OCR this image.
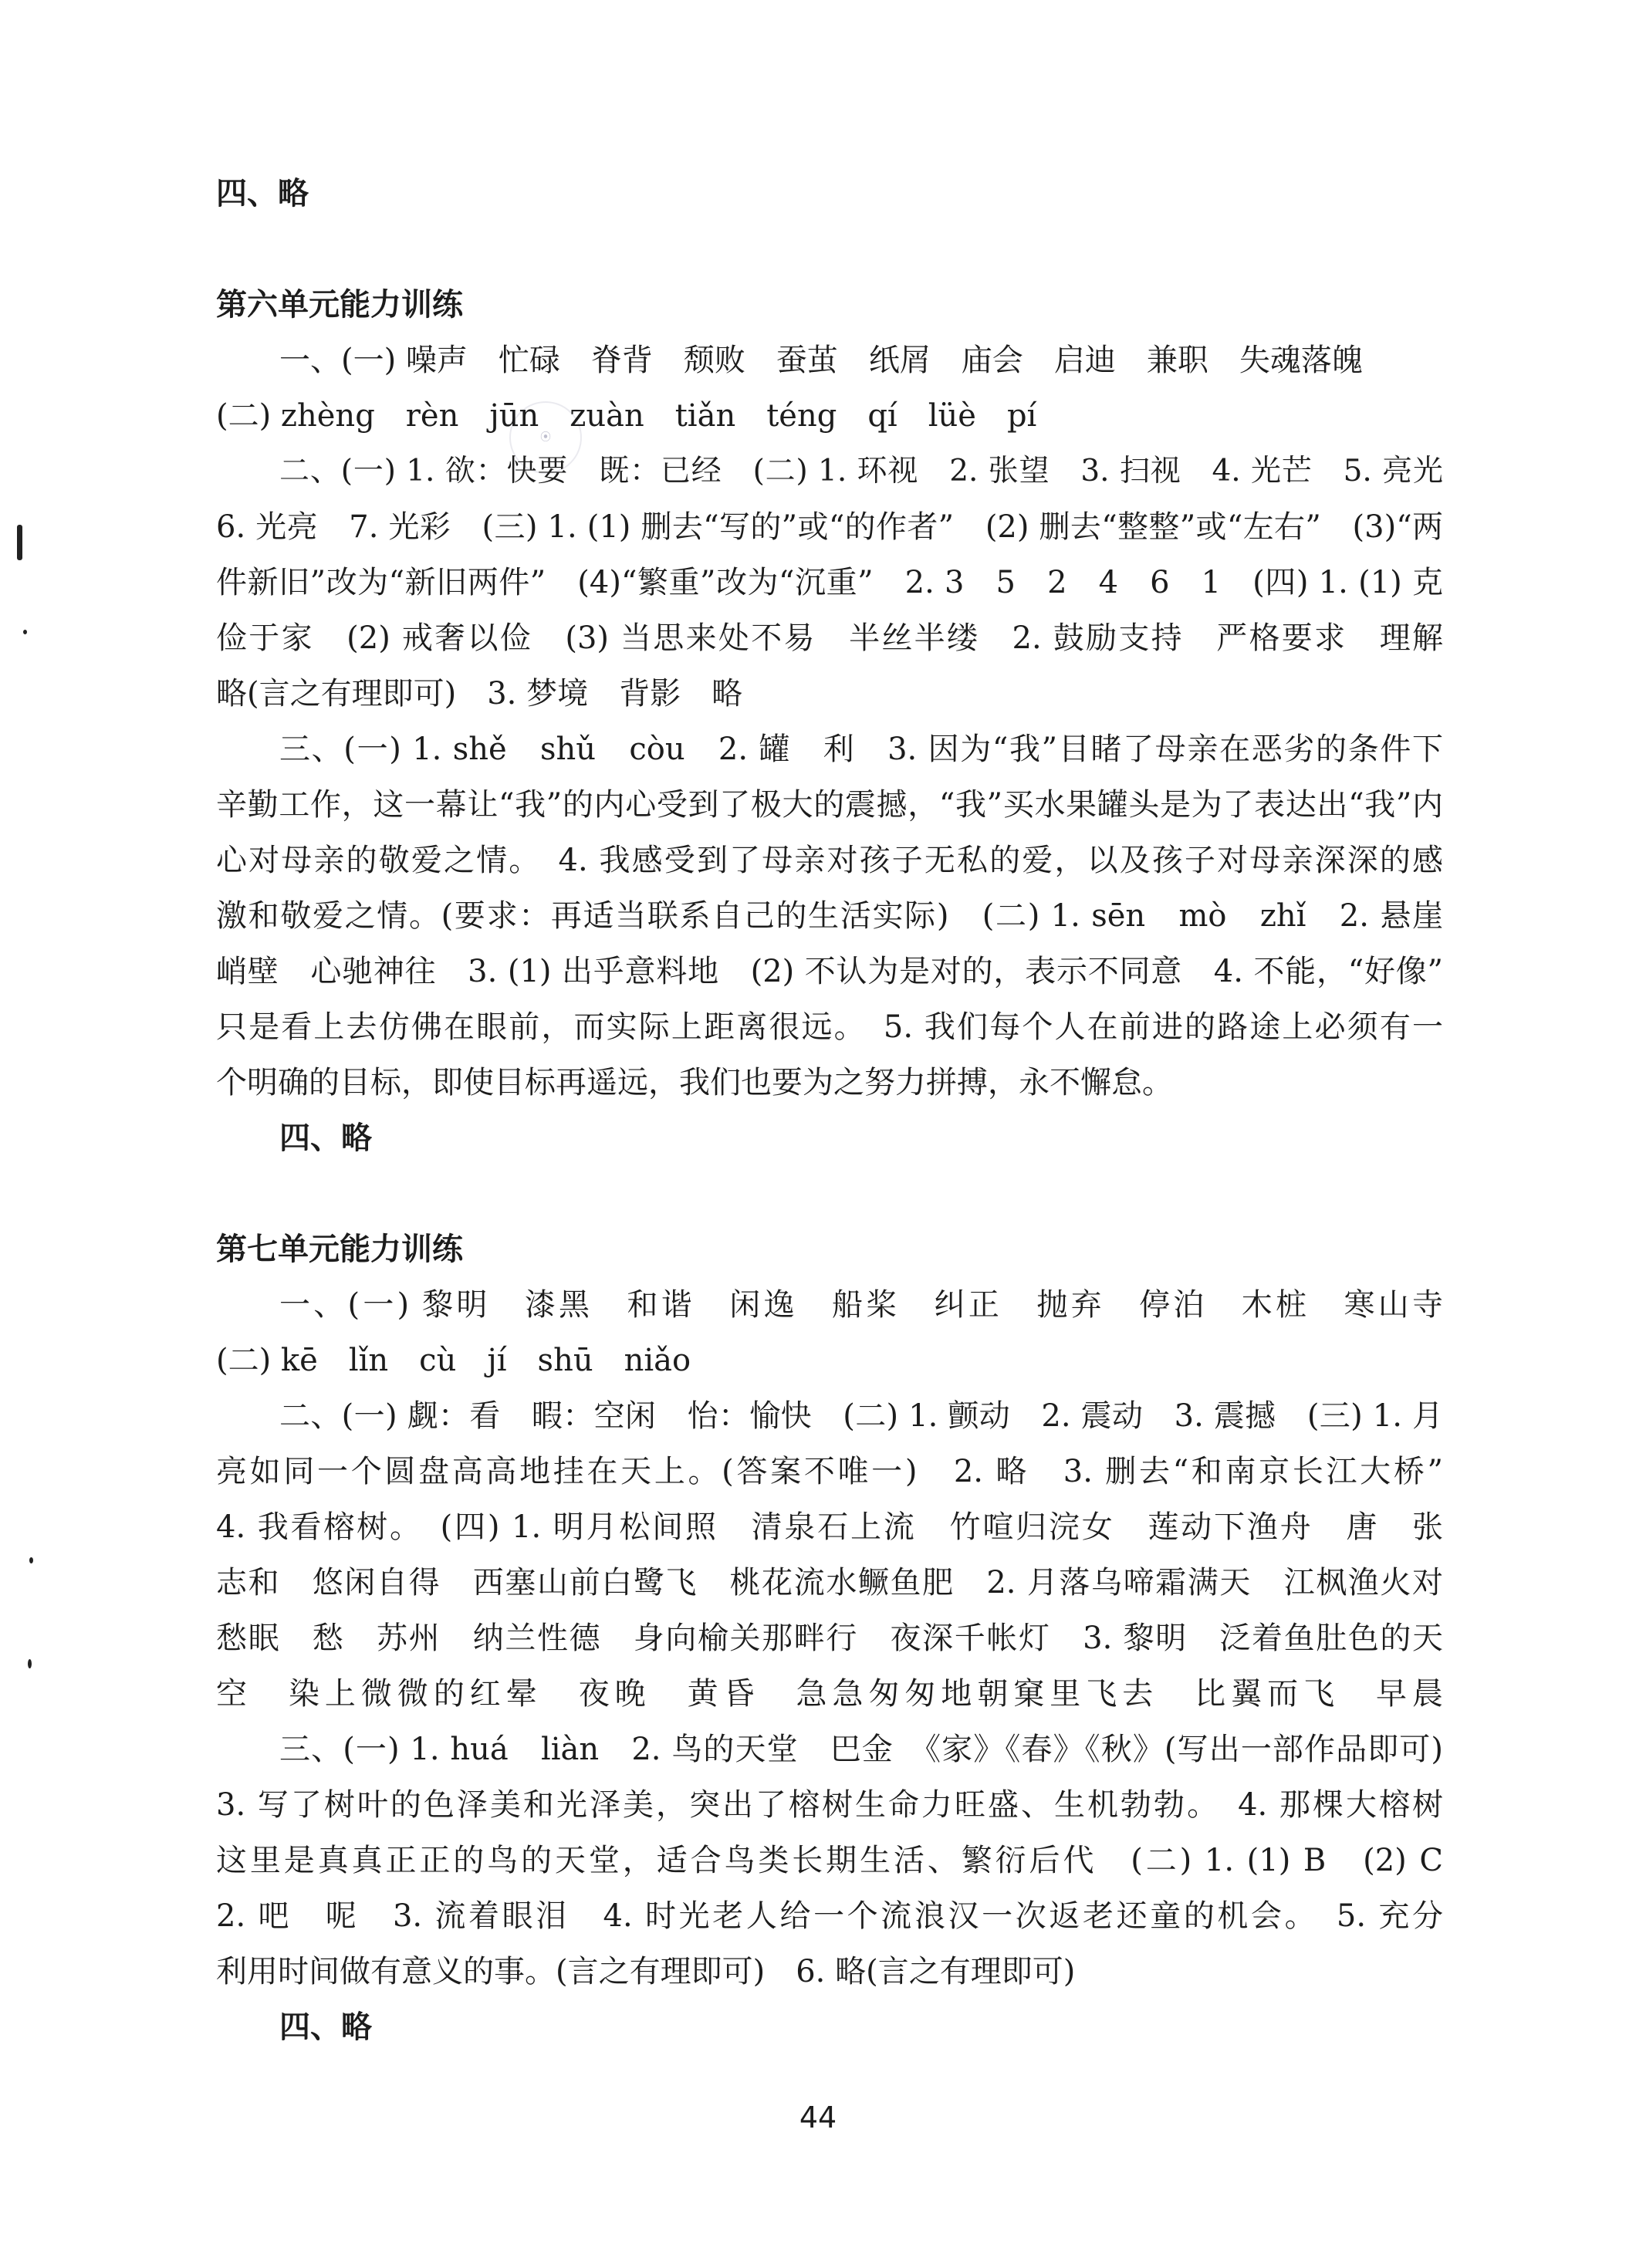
⦿
四、略
第六单元能力训练
一、(一) 噪声　忙碌　脊背　颓败　蚕茧　纸屑　庙会　启迪　兼职　失魂落魄
(二) zhèng　rèn　jūn　zuàn　tiǎn　téng　qí　lüè　pí
二、(一) 1. 欲：快要　既：已经　(二) 1. 环视　2. 张望　3. 扫视　4. 光芒　5. 亮光
6. 光亮　7. 光彩　(三) 1. (1) 删去“写的”或“的作者”　(2) 删去“整整”或“左右”　(3)“两
件新旧”改为“新旧两件”　(4)“繁重”改为“沉重”　2. 3　5　2　4　6　1　(四) 1. (1) 克
俭于家　(2) 戒奢以俭　(3) 当思来处不易　半丝半缕　2. 鼓励支持　严格要求　理解
略(言之有理即可)　3. 梦境　背影　略
三、(一) 1. shě　shǔ　còu　2. 罐　利　3. 因为“我”目睹了母亲在恶劣的条件下
辛勤工作，这一幕让“我”的内心受到了极大的震撼，“我”买水果罐头是为了表达出“我”内
心对母亲的敬爱之情。　4. 我感受到了母亲对孩子无私的爱，以及孩子对母亲深深的感
激和敬爱之情。(要求：再适当联系自己的生活实际)　(二) 1. sēn　mò　zhǐ　2. 悬崖
峭壁　心驰神往　3. (1) 出乎意料地　(2) 不认为是对的，表示不同意　4. 不能，“好像”
只是看上去仿佛在眼前，而实际上距离很远。　5. 我们每个人在前进的路途上必须有一
个明确的目标，即使目标再遥远，我们也要为之努力拼搏，永不懈怠。
四、略
第七单元能力训练
一、(一) 黎明　漆黑　和谐　闲逸　船桨　纠正　抛弃　停泊　木桩　寒山寺
(二) kē　lǐn　cù　jí　shū　niǎo
二、(一) 觑：看　暇：空闲　怡：愉快　(二) 1. 颤动　2. 震动　3. 震撼　(三) 1. 月
亮如同一个圆盘高高地挂在天上。(答案不唯一)　2. 略　3. 删去“和南京长江大桥”
4. 我看榕树。　(四) 1. 明月松间照　清泉石上流　竹喧归浣女　莲动下渔舟　唐　张
志和　悠闲自得　西塞山前白鹭飞　桃花流水鳜鱼肥　2. 月落乌啼霜满天　江枫渔火对
愁眠　愁　苏州　纳兰性德　身向榆关那畔行　夜深千帐灯　3. 黎明　泛着鱼肚色的天
空　染上微微的红晕　夜晚　黄昏　急急匆匆地朝窠里飞去　比翼而飞　早晨
三、(一) 1. huá　liàn　2. 鸟的天堂　巴金　《家》《春》《秋》(写出一部作品即可)
3. 写了树叶的色泽美和光泽美，突出了榕树生命力旺盛、生机勃勃。　4. 那棵大榕树
这里是真真正正的鸟的天堂，适合鸟类长期生活、繁衍后代　(二) 1. (1) B　(2) C
2. 吧　呢　3. 流着眼泪　4. 时光老人给一个流浪汉一次返老还童的机会。　5. 充分
利用时间做有意义的事。(言之有理即可)　6. 略(言之有理即可)
四、略
44
